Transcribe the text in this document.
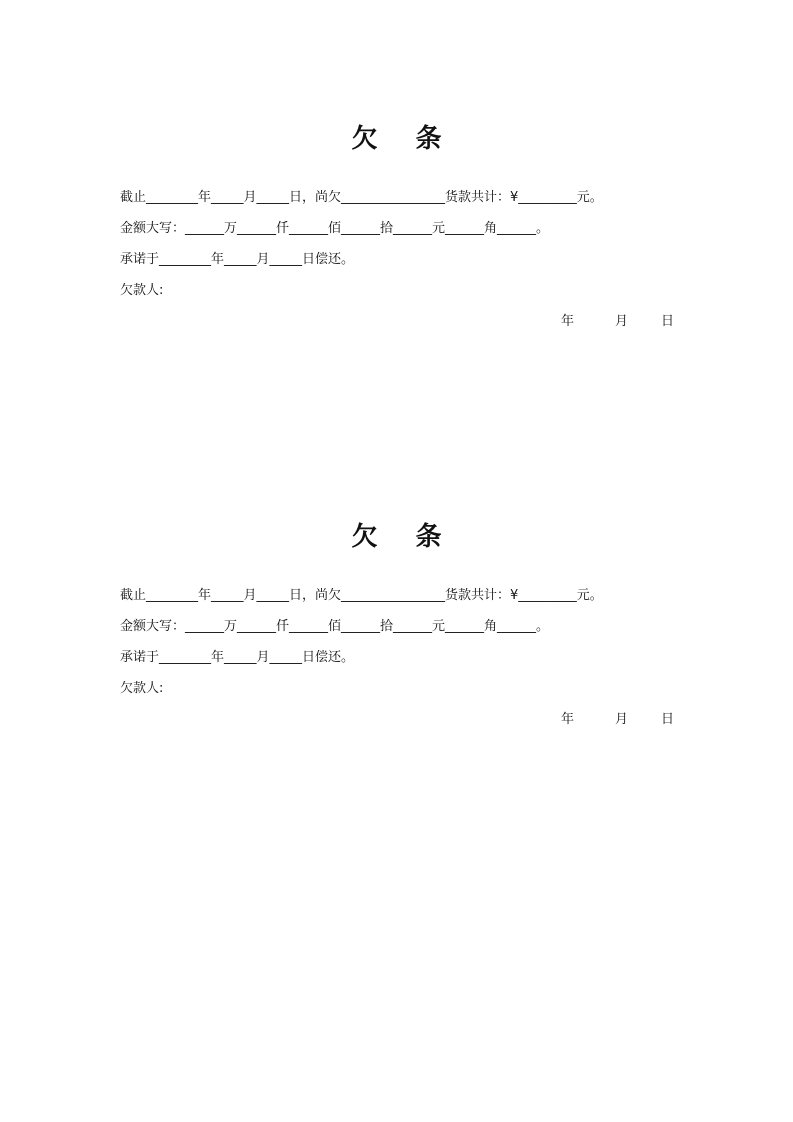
欠 条
截止________年_____月_____日，尚欠________________货款共计：¥_________元。
金额大写：______万______仟______佰______拾______元______角______。
承诺于________年_____月_____日偿还。
欠款人:
年	月	日
欠 条
截止________年_____月_____日，尚欠________________货款共计：¥_________元。
金额大写：______万______仟______佰______拾______元______角______。
承诺于________年_____月_____日偿还。
欠款人:
年	月	日
